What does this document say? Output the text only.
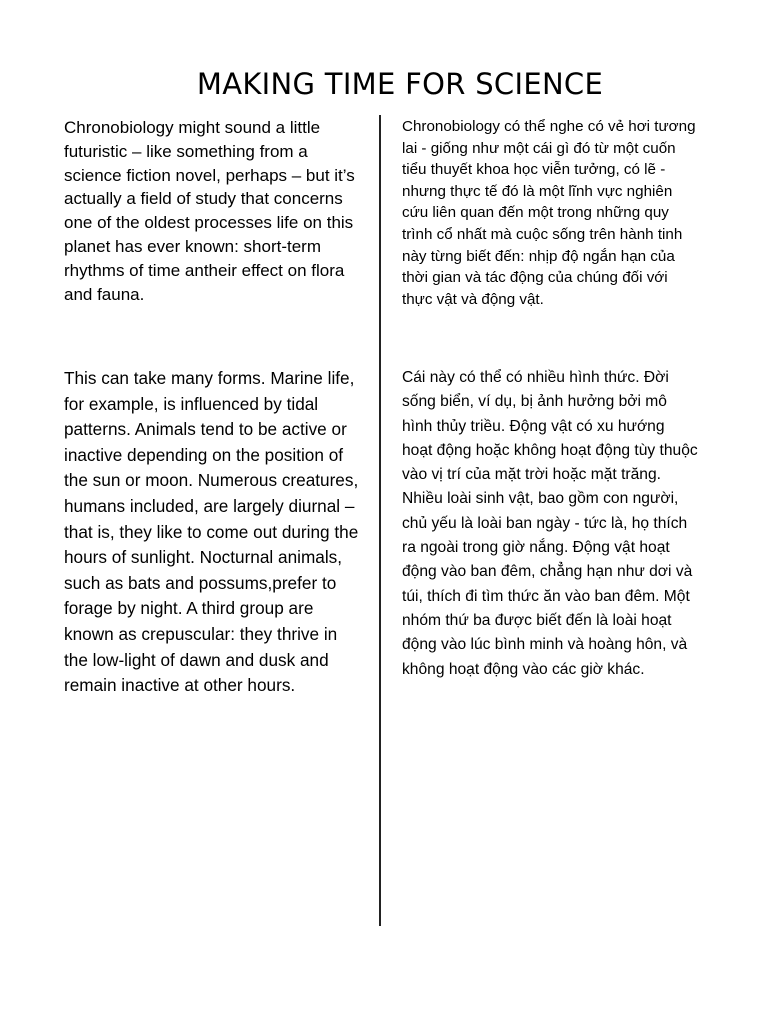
MAKING TIME FOR SCIENCE

Chronobiology might sound a little futuristic – like something from a science fiction novel, perhaps – but it’s actually a field of study that concerns one of the oldest processes life on this planet has ever known: short-term rhythms of time antheir effect on flora and fauna.

This can take many forms. Marine life, for example, is influenced by tidal patterns. Animals tend to be active or inactive depending on the position of the sun or moon. Numerous creatures, humans included, are largely diurnal – that is, they like to come out during the hours of sunlight. Nocturnal animals, such as bats and possums,prefer to forage by night. A third group are known as crepuscular: they thrive in the low-light of dawn and dusk and remain inactive at other hours.

Chronobiology có thể nghe có vẻ hơi tương lai - giống như một cái gì đó từ một cuốn tiểu thuyết khoa học viễn tưởng, có lẽ - nhưng thực tế đó là một lĩnh vực nghiên cứu liên quan đến một trong những quy trình cổ nhất mà cuộc sống trên hành tinh này từng biết đến: nhịp độ ngắn hạn của thời gian và tác động của chúng đối với thực vật và động vật.

Cái này có thể có nhiều hình thức. Đời sống biển, ví dụ, bị ảnh hưởng bởi mô hình thủy triều. Động vật có xu hướng hoạt động hoặc không hoạt động tùy thuộc vào vị trí của mặt trời hoặc mặt trăng. Nhiều loài sinh vật, bao gồm con người, chủ yếu là loài ban ngày - tức là, họ thích ra ngoài trong giờ nắng. Động vật hoạt động vào ban đêm, chẳng hạn như dơi và túi, thích đi tìm thức ăn vào ban đêm. Một nhóm thứ ba được biết đến là loài hoạt động vào lúc bình minh và hoàng hôn, và không hoạt động vào các giờ khác.
